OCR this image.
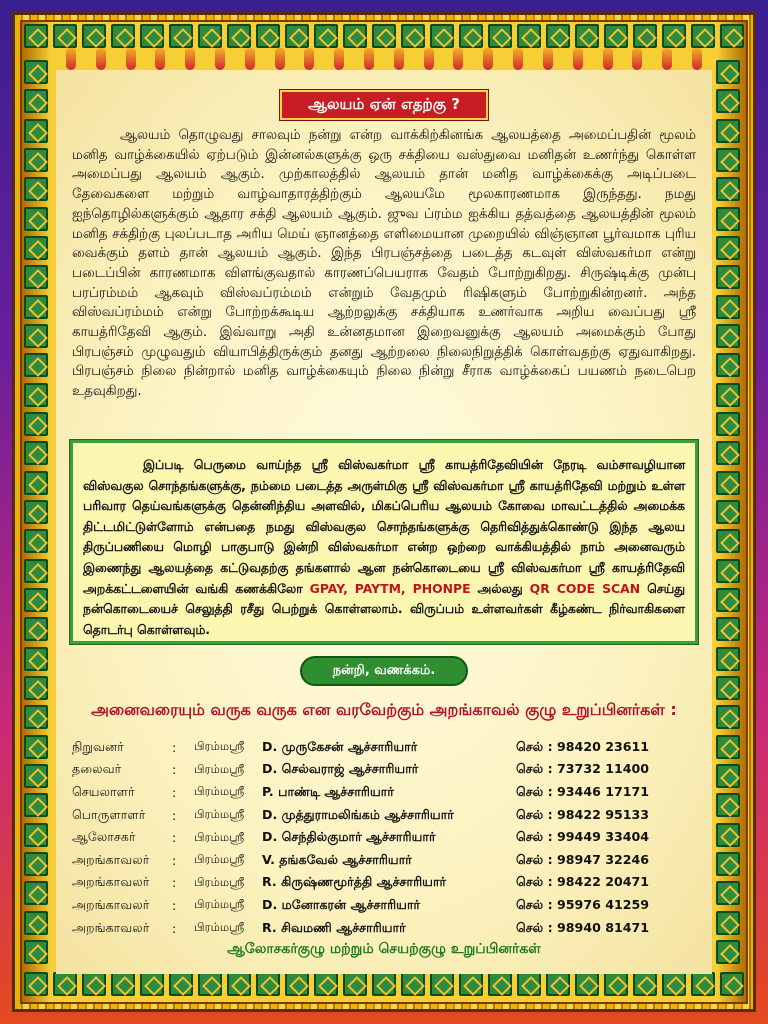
ஆலயம் ஏன் எதற்கு ?

ஆலயம் தொழுவது சாலவும் நன்று என்ற வாக்கிற்கினங்க ஆலயத்தை அமைப்பதின் மூலம் மனித வாழ்க்கையில் ஏற்படும் இன்னல்களுக்கு ஒரு சக்தியை வஸ்துவை மனிதன் உணர்ந்து கொள்ள அமைப்பது ஆலயம் ஆகும். முற்காலத்தில் ஆலயம் தான் மனித வாழ்க்கைக்கு அடிப்படை தேவைகளை மற்றும் வாழ்வாதாரத்திற்கும் ஆலயமே மூலகாரணமாக இருந்தது. நமது ஐந்தொழில்களுக்கும் ஆதார சக்தி ஆலயம் ஆகும். ஜுவ ப்ரம்ம ஐக்கிய தத்வத்தை ஆலயத்தின் மூலம் மனித சக்திற்கு புலப்படாத அரிய மெய் ஞானத்தை எளிமையான முறையில் விஞ்ஞான பூர்வமாக புரிய வைக்கும் தளம் தான் ஆலயம் ஆகும். இந்த பிரபஞ்சத்தை படைத்த கடவுள் விஸ்வகர்மா என்று படைப்பின் காரணமாக விளங்குவதால் காரணப்பெயராக வேதம் போற்றுகிறது. சிருஷ்டிக்கு முன்பு பரப்ரம்மம் ஆகவும் விஸ்வப்ரம்மம் என்றும் வேதமும் ரிஷிகளும் போற்றுகின்றனர். அந்த விஸ்வப்ரம்மம் என்று போற்றக்கூடிய ஆற்றலுக்கு சக்தியாக உணர்வாக அறிய வைப்பது ஸ்ரீ காயத்ரிதேவி ஆகும். இவ்வாறு அதி உன்னதமான இறைவனுக்கு ஆலயம் அமைக்கும் போது பிரபஞ்சம் முழுவதும் வியாபித்திருக்கும் தனது ஆற்றலை நிலைநிறுத்திக் கொள்வதற்கு ஏதுவாகிறது. பிரபஞ்சம் நிலை நின்றால் மனித வாழ்க்கையும் நிலை நின்று சீராக வாழ்க்கைப் பயணம் நடைபெற உதவுகிறது.

இப்படி பெருமை வாய்ந்த ஸ்ரீ விஸ்வகர்மா ஸ்ரீ காயத்ரிதேவியின் நேரடி வம்சாவழியான விஸ்வகுல சொந்தங்களுக்கு, நம்மை படைத்த அருள்மிகு ஸ்ரீ விஸ்வகர்மா ஸ்ரீ காயத்ரிதேவி மற்றும் உள்ள பரிவார தெய்வங்களுக்கு தென்னிந்திய அளவில், மிகப்பெரிய ஆலயம் கோவை மாவட்டத்தில் அமைக்க திட்டமிட்டுள்ளோம் என்பதை நமது விஸ்வகுல சொந்தங்களுக்கு தெரிவித்துக்கொண்டு இந்த ஆலய திருப்பணியை மொழி பாகுபாடு இன்றி விஸ்வகர்மா என்ற ஒற்றை வாக்கியத்தில் நாம் அனைவரும் இணைந்து ஆலயத்தை கட்டுவதற்கு தங்களால் ஆன நன்கொடையை ஸ்ரீ விஸ்வகர்மா ஸ்ரீ காயத்ரிதேவி அறக்கட்டளையின் வங்கி கணக்கிலோ GPAY, PAYTM, PHONPE அல்லது QR CODE SCAN செய்து நன்கொடையைச் செலுத்தி ரசீது பெற்றுக் கொள்ளலாம். விருப்பம் உள்ளவர்கள் கீழ்கண்ட நிர்வாகிகளை தொடர்பு கொள்ளவும்.

நன்றி, வணக்கம்.
அனைவரையும் வருக வருக என வரவேற்கும் அறங்காவல் குழு உறுப்பினர்கள் :
நிறுவனர்	:	பிரம்மஸ்ரீ	D. முருகேசன் ஆச்சாரியார்	செல் : 98420 23611
தலைவர்	:	பிரம்மஸ்ரீ	D. செல்வராஜ் ஆச்சாரியார்	செல் : 73732 11400
செயலாளர்	:	பிரம்மஸ்ரீ	P. பாண்டி ஆச்சாரியார்	செல் : 93446 17171
பொருளாளர்	:	பிரம்மஸ்ரீ	D. முத்துராமலிங்கம் ஆச்சாரியார்	செல் : 98422 95133
ஆலோசகர்	:	பிரம்மஸ்ரீ	D. செந்தில்குமார் ஆச்சாரியார்	செல் : 99449 33404
அறங்காவலர்	:	பிரம்மஸ்ரீ	V. தங்கவேல் ஆச்சாரியார்	செல் : 98947 32246
அறங்காவலர்	:	பிரம்மஸ்ரீ	R. கிருஷ்ணமூர்த்தி ஆச்சாரியார்	செல் : 98422 20471
அறங்காவலர்	:	பிரம்மஸ்ரீ	D. மனோகரன் ஆச்சாரியார்	செல் : 95976 41259
அறங்காவலர்	:	பிரம்மஸ்ரீ	R. சிவமணி ஆச்சாரியார்	செல் : 98940 81471
ஆலோசகர்குழு மற்றும் செயற்குழு உறுப்பினர்கள்
